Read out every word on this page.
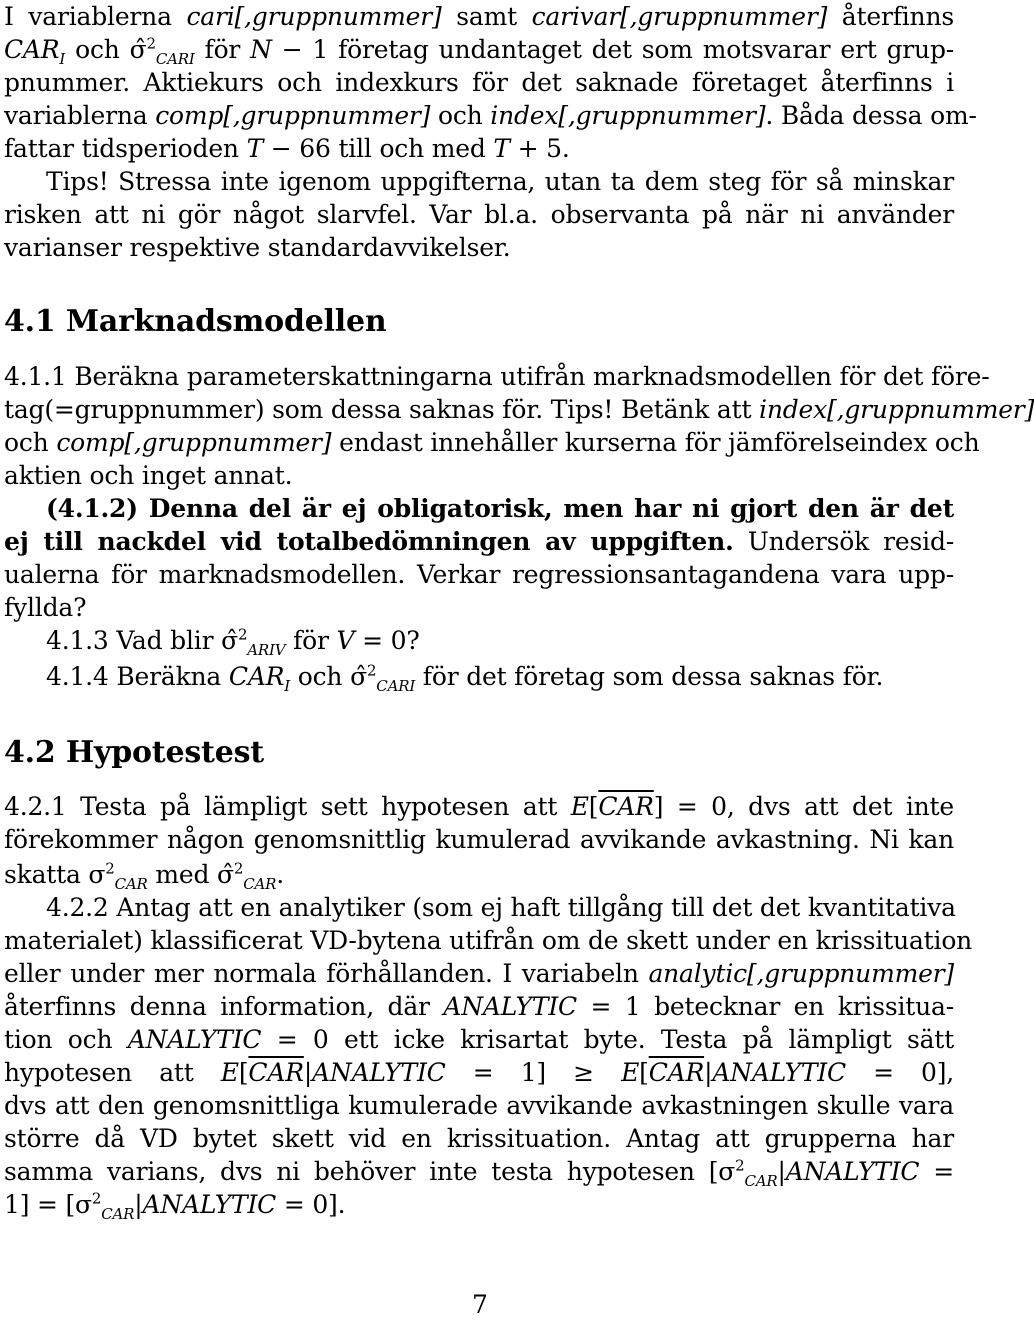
I variablerna cari[,gruppnummer] samt carivar[,gruppnummer] återfinns
$CAR_I$ och σ̂$^2_{CARI}$ för N − 1 företag undantaget det som motsvarar ert grup-
pnummer. Aktiekurs och indexkurs för det saknade företaget återfinns i
variablerna comp[,gruppnummer] och index[,gruppnummer]. Båda dessa om-
fattar tidsperioden T − 66 till och med T + 5.
Tips! Stressa inte igenom uppgifterna, utan ta dem steg för så minskar
risken att ni gör något slarvfel. Var bl.a. observanta på när ni använder
varianser respektive standardavvikelser.
4.1 Marknadsmodellen
4.1.1 Beräkna parameterskattningarna utifrån marknadsmodellen för det före-
tag(=gruppnummer) som dessa saknas för. Tips! Betänk att index[,gruppnummer]
och comp[,gruppnummer] endast innehåller kurserna för jämförelseindex och
aktien och inget annat.
(4.1.2) Denna del är ej obligatorisk, men har ni gjort den är det
ej till nackdel vid totalbedömningen av uppgiften. Undersök resid-
ualerna för marknadsmodellen. Verkar regressionsantagandena vara upp-
fyllda?
4.1.3 Vad blir σ̂$^2_{ARIV}$ för V = 0?
4.1.4 Beräkna $CAR_I$ och σ̂$^2_{CARI}$ för det företag som dessa saknas för.
4.2 Hypotestest
4.2.1 Testa på lämpligt sett hypotesen att $E[\overline{CAR}] = 0$, dvs att det inte
förekommer någon genomsnittlig kumulerad avvikande avkastning. Ni kan
skatta $\sigma^2_{CAR}$ med σ̂$^2_{CAR}$.
4.2.2 Antag att en analytiker (som ej haft tillgång till det det kvantitativa
materialet) klassificerat VD-bytena utifrån om de skett under en krissituation
eller under mer normala förhållanden. I variabeln analytic[,gruppnummer]
återfinns denna information, där ANALYTIC = 1 betecknar en krissitua-
tion och ANALYTIC = 0 ett icke krisartat byte. Testa på lämpligt sätt
hypotesen att $E[\overline{CAR}|ANALYTIC = 1]$ ≥ $E[\overline{CAR}|ANALYTIC = 0]$,
dvs att den genomsnittliga kumulerade avvikande avkastningen skulle vara
större då VD bytet skett vid en krissituation. Antag att grupperna har
samma varians, dvs ni behöver inte testa hypotesen [$\sigma^2_{CAR}|ANALYTIC$ =
$1] = [\sigma^2_{CAR}|ANALYTIC = 0]$.
7
